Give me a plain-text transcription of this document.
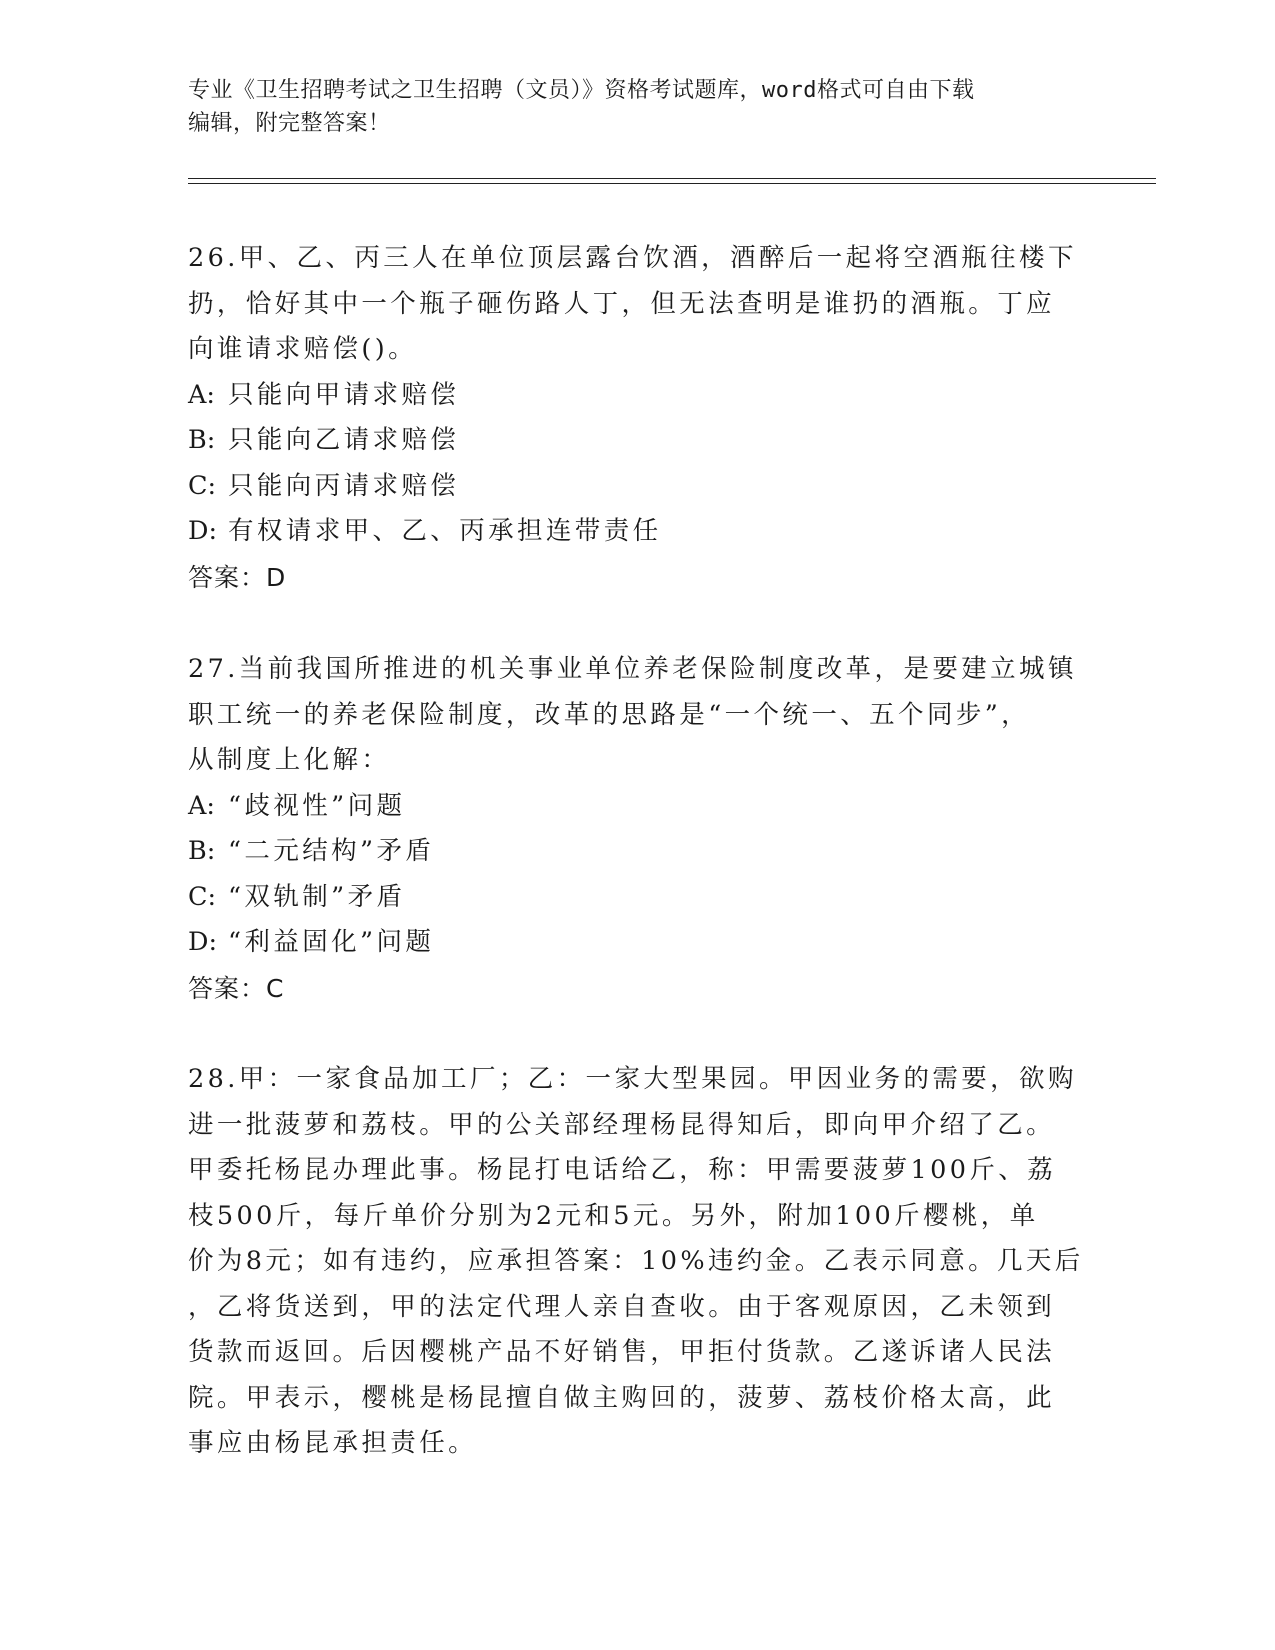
专业《卫生招聘考试之卫生招聘（文员）》资格考试题库，word格式可自由下载
编辑，附完整答案！
26.甲、乙、丙三人在单位顶层露台饮酒，酒醉后一起将空酒瓶往楼下
扔，恰好其中一个瓶子砸伤路人丁，但无法查明是谁扔的酒瓶。丁应
向谁请求赔偿()。
A: 只能向甲请求赔偿
B: 只能向乙请求赔偿
C: 只能向丙请求赔偿
D: 有权请求甲、乙、丙承担连带责任
答案：D
27.当前我国所推进的机关事业单位养老保险制度改革，是要建立城镇
职工统一的养老保险制度，改革的思路是“一个统一、五个同步”，
从制度上化解：
A: “歧视性”问题
B: “二元结构”矛盾
C: “双轨制”矛盾
D: “利益固化”问题
答案：C
28.甲：一家食品加工厂；乙：一家大型果园。甲因业务的需要，欲购
进一批菠萝和荔枝。甲的公关部经理杨昆得知后，即向甲介绍了乙。
甲委托杨昆办理此事。杨昆打电话给乙，称：甲需要菠萝100斤、荔
枝500斤，每斤单价分别为2元和5元。另外，附加100斤樱桃，单
价为8元；如有违约，应承担答案：10%违约金。乙表示同意。几天后
，乙将货送到，甲的法定代理人亲自查收。由于客观原因，乙未领到
货款而返回。后因樱桃产品不好销售，甲拒付货款。乙遂诉诸人民法
院。甲表示，樱桃是杨昆擅自做主购回的，菠萝、荔枝价格太高，此
事应由杨昆承担责任。
